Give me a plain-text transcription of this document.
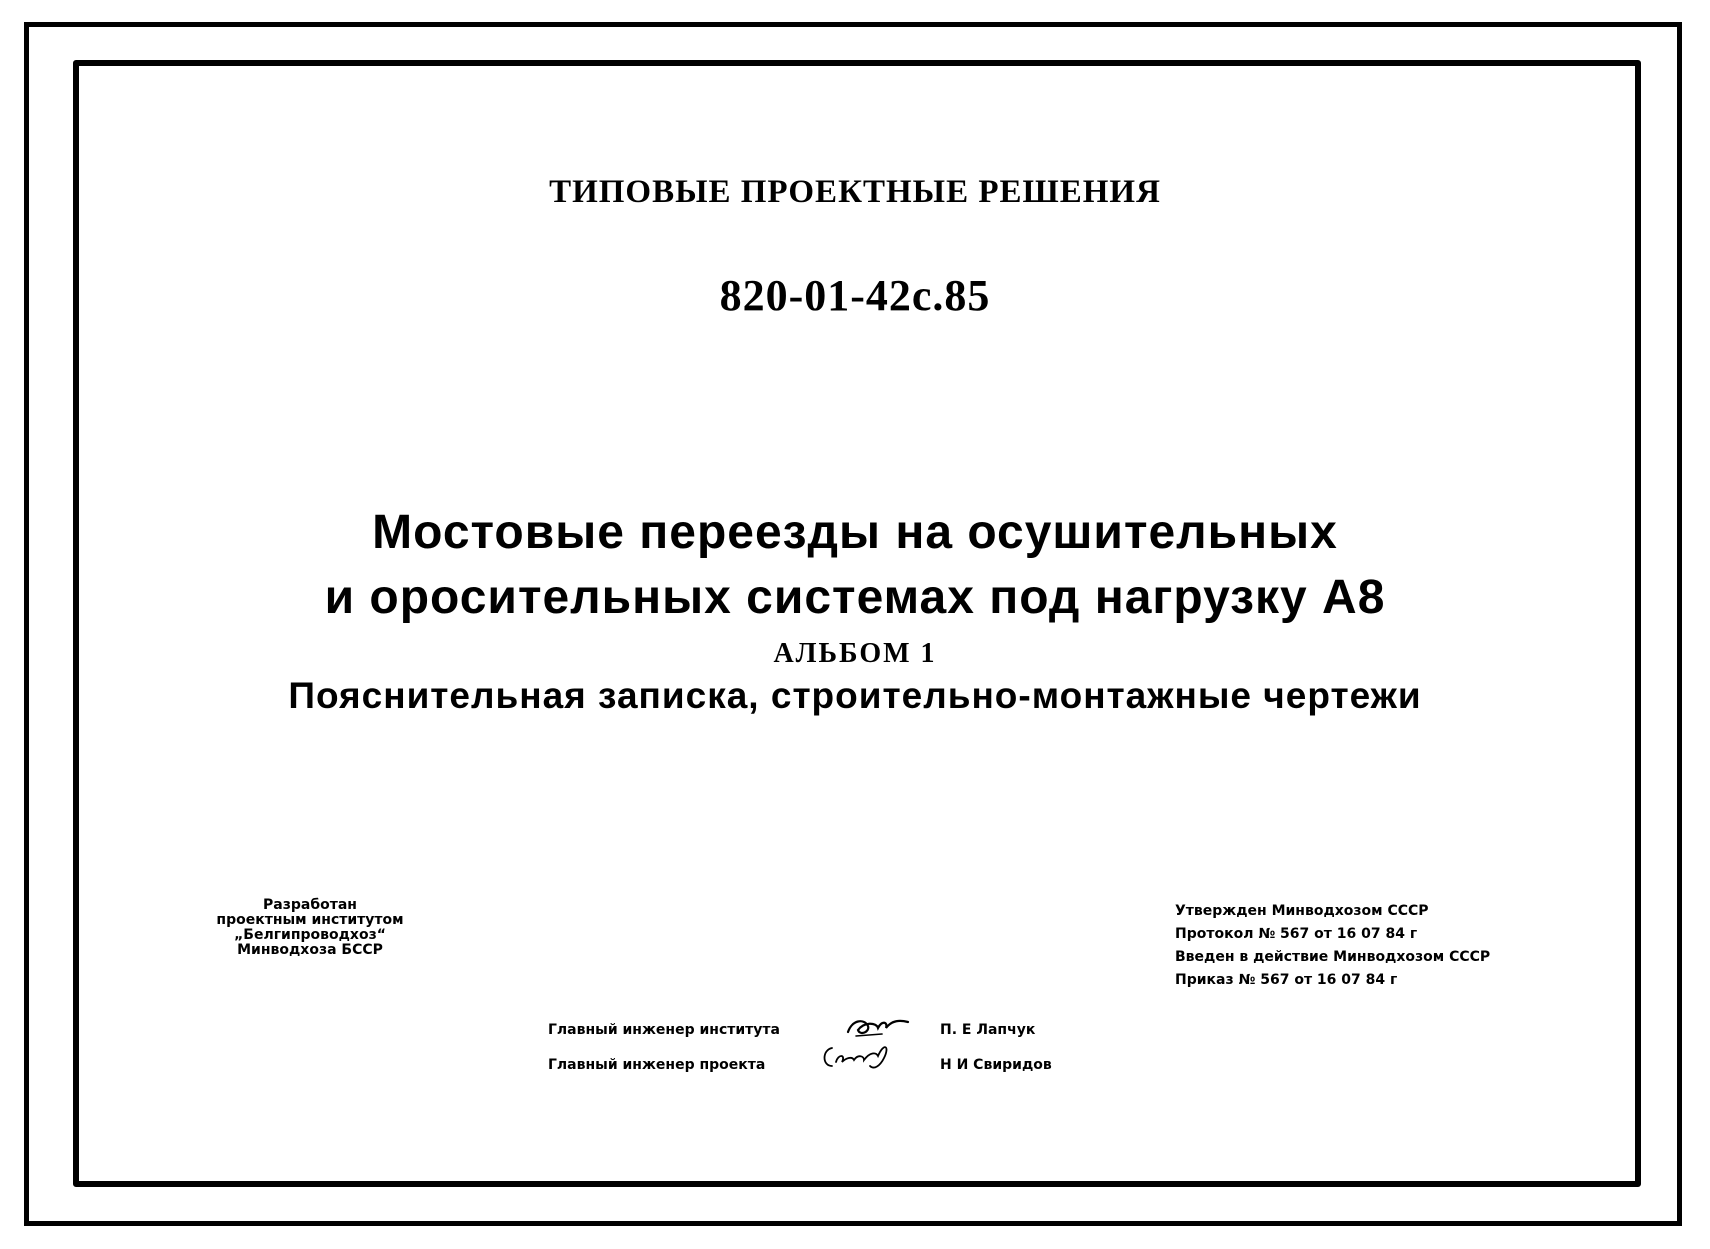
ТИПОВЫЕ ПРОЕКТНЫЕ РЕШЕНИЯ
820-01-42с.85
Мостовые переезды на осушительных
и оросительных системах под нагрузку А8
АЛЬБОМ 1
Пояснительная записка, строительно-монтажные чертежи
Разработан
проектным институтом
„Белгипроводхоз“
Минводхоза БССР
Утвержден Минводхозом СССР
Протокол № 567 от 16 07 84 г
Введен в действие Минводхозом СССР
Приказ № 567 от 16 07 84 г
Главный инженер института	П. Е Лапчук
Главный инженер проекта	Н И Свиридов
